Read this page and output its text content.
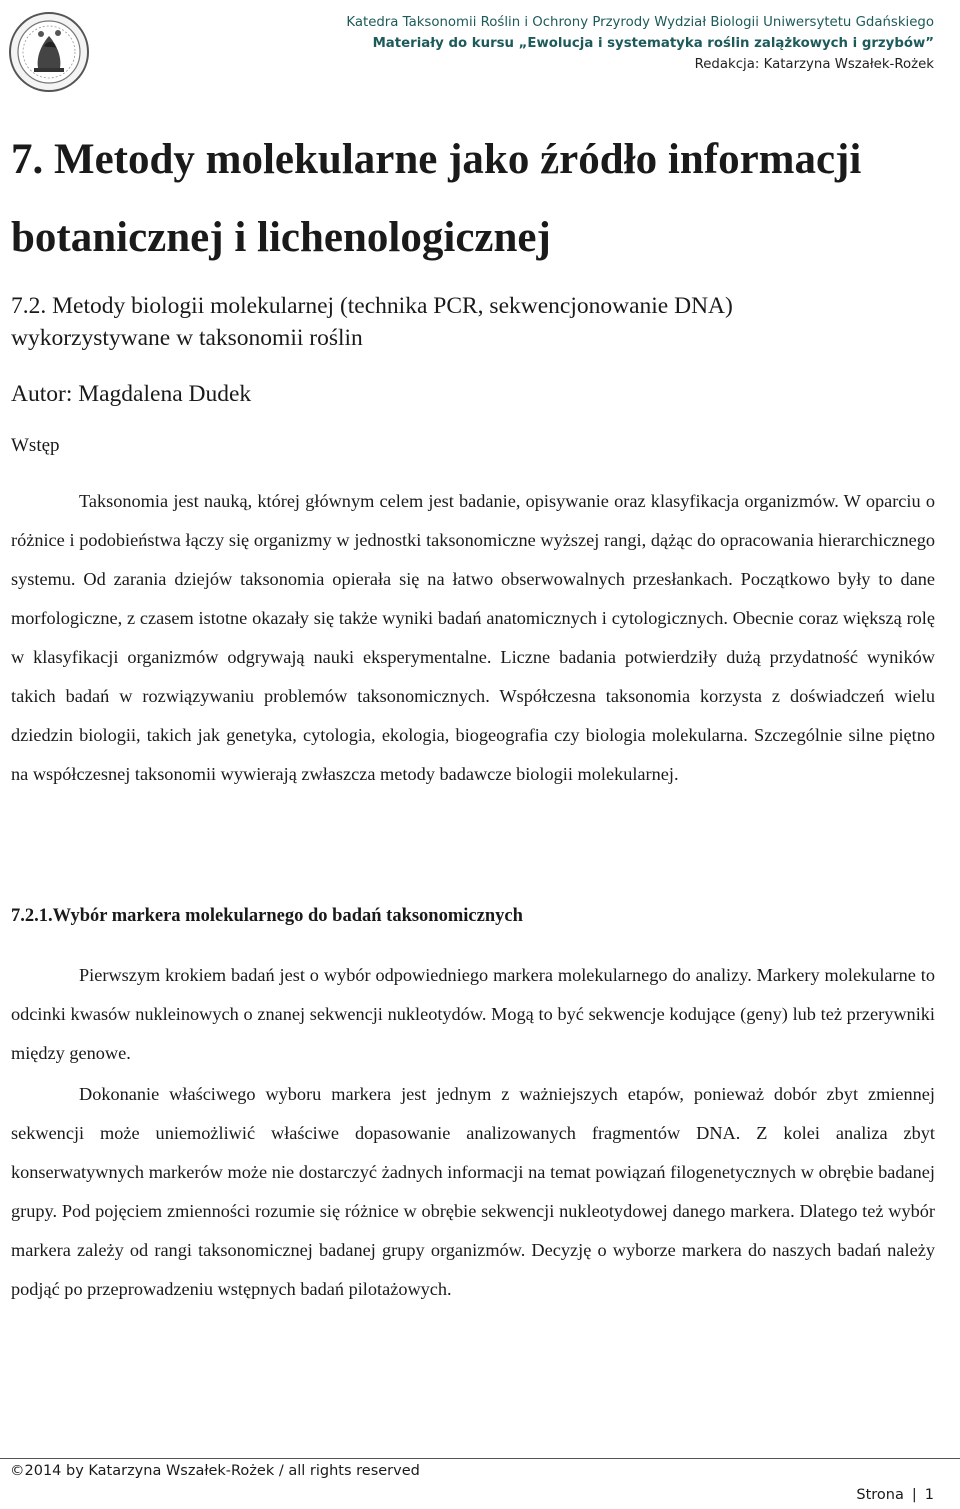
Katedra Taksonomii Roślin i Ochrony Przyrody Wydział Biologii Uniwersytetu Gdańskiego
Materiały do kursu „Ewolucja i systematyka roślin zalążkowych i grzybów”
Redakcja: Katarzyna Wszałek-Rożek
7. Metody molekularne jako źródło informacji
botanicznej i lichenologicznej
7.2. Metody biologii molekularnej (technika PCR, sekwencjonowanie DNA)
wykorzystywane w taksonomii roślin
Autor: Magdalena Dudek
Wstęp

Taksonomia jest nauką, której głównym celem jest badanie, opisywanie oraz klasyfikacja organizmów. W oparciu o różnice i podobieństwa łączy się organizmy w jednostki taksonomiczne wyższej rangi, dążąc do opracowania hierarchicznego systemu. Od zarania dziejów taksonomia opierała się na łatwo obserwowalnych przesłankach. Początkowo były to dane morfologiczne, z czasem istotne okazały się także wyniki badań anatomicznych i cytologicznych. Obecnie coraz większą rolę w klasyfikacji organizmów odgrywają nauki eksperymentalne. Liczne badania potwierdziły dużą przydatność wyników takich badań w rozwiązywaniu problemów taksonomicznych. Współczesna taksonomia korzysta z doświadczeń wielu dziedzin biologii, takich jak genetyka, cytologia, ekologia, biogeografia czy biologia molekularna. Szczególnie silne piętno na współczesnej taksonomii wywierają zwłaszcza metody badawcze biologii molekularnej.

7.2.1.Wybór markera molekularnego do badań taksonomicznych

Pierwszym krokiem badań jest o wybór odpowiedniego markera molekularnego do analizy. Markery molekularne to odcinki kwasów nukleinowych o znanej sekwencji nukleotydów. Mogą to być sekwencje kodujące (geny) lub też przerywniki między genowe.

Dokonanie właściwego wyboru markera jest jednym z ważniejszych etapów, ponieważ dobór zbyt zmiennej sekwencji może uniemożliwić właściwe dopasowanie analizowanych fragmentów DNA. Z kolei analiza zbyt konserwatywnych markerów może nie dostarczyć żadnych informacji na temat powiązań filogenetycznych w obrębie badanej grupy. Pod pojęciem zmienności rozumie się różnice w obrębie sekwencji nukleotydowej danego markera. Dlatego też wybór markera zależy od rangi taksonomicznej badanej grupy organizmów. Decyzję o wyborze markera do naszych badań należy podjąć po przeprowadzeniu wstępnych badań pilotażowych.

©2014 by Katarzyna Wszałek-Rożek / all rights reserved
Strona | 1
